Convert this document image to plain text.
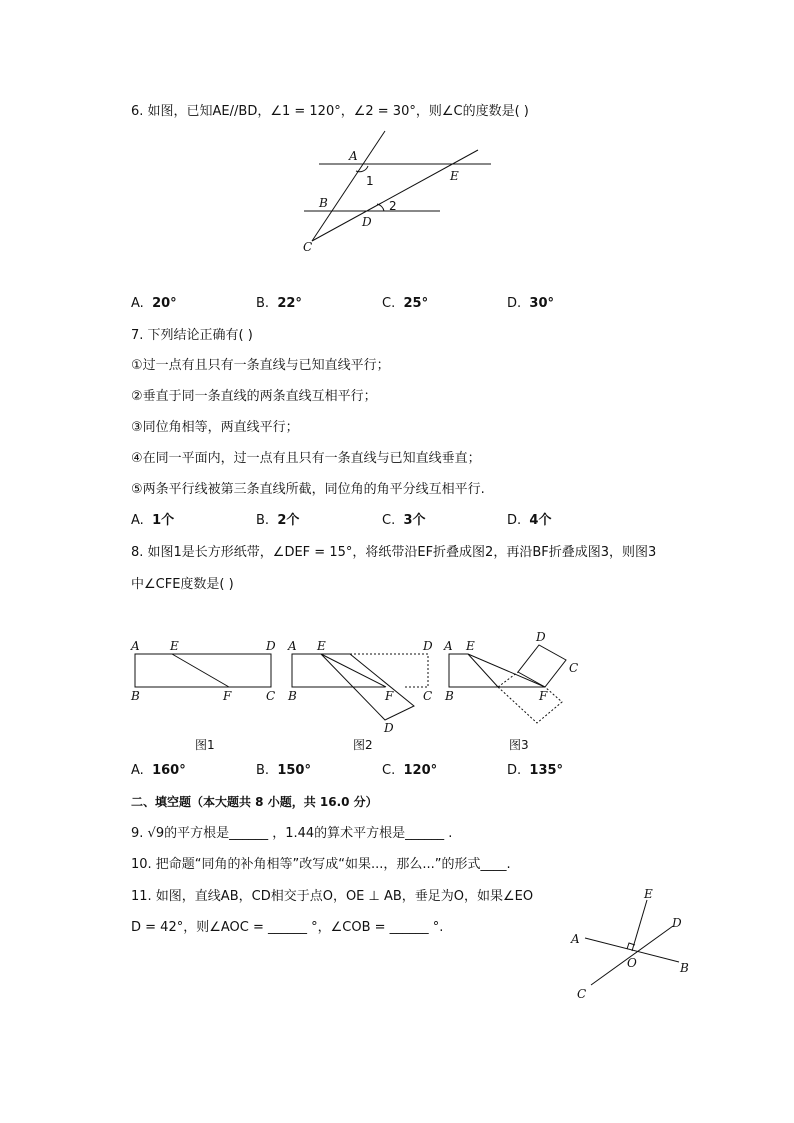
6. 如图，已知AE//BD，∠1 = 120°，∠2 = 30°，则∠C的度数是( )
A
1	E
B	2
D
C
A. 20°	B. 22°	C. 25°	D. 30°
7. 下列结论正确有( )
①过一点有且只有一条直线与已知直线平行；
②垂直于同一条直线的两条直线互相平行；
③同位角相等，两直线平行；
④在同一平面内，过一点有且只有一条直线与已知直线垂直；
⑤两条平行线被第三条直线所截，同位角的角平分线互相平行.
A. 1个	B. 2个	C. 3个	D. 4个
8. 如图1是长方形纸带，∠DEF = 15°，将纸带沿EF折叠成图2，再沿BF折叠成图3，则图3
中∠CFE度数是( )
A	E	D
B	F	C
A E	D
B	F C
D
A E
D
C
B	F
图1	图2	图3
A. 160°	B. 150°	C. 120°	D. 135°
二、填空题（本大题共 8 小题，共 16.0 分）
9. √9的平方根是______ ，1.44的算术平方根是______ .
10. 把命题“同角的补角相等”改写成“如果...，那么...”的形式____.
11. 如图，直线AB，CD相交于点O，OE ⊥ AB，垂足为O，如果∠EO
D = 42°，则∠AOC = ______ °，∠COB = ______ °.
E
D
A
O	B
C
